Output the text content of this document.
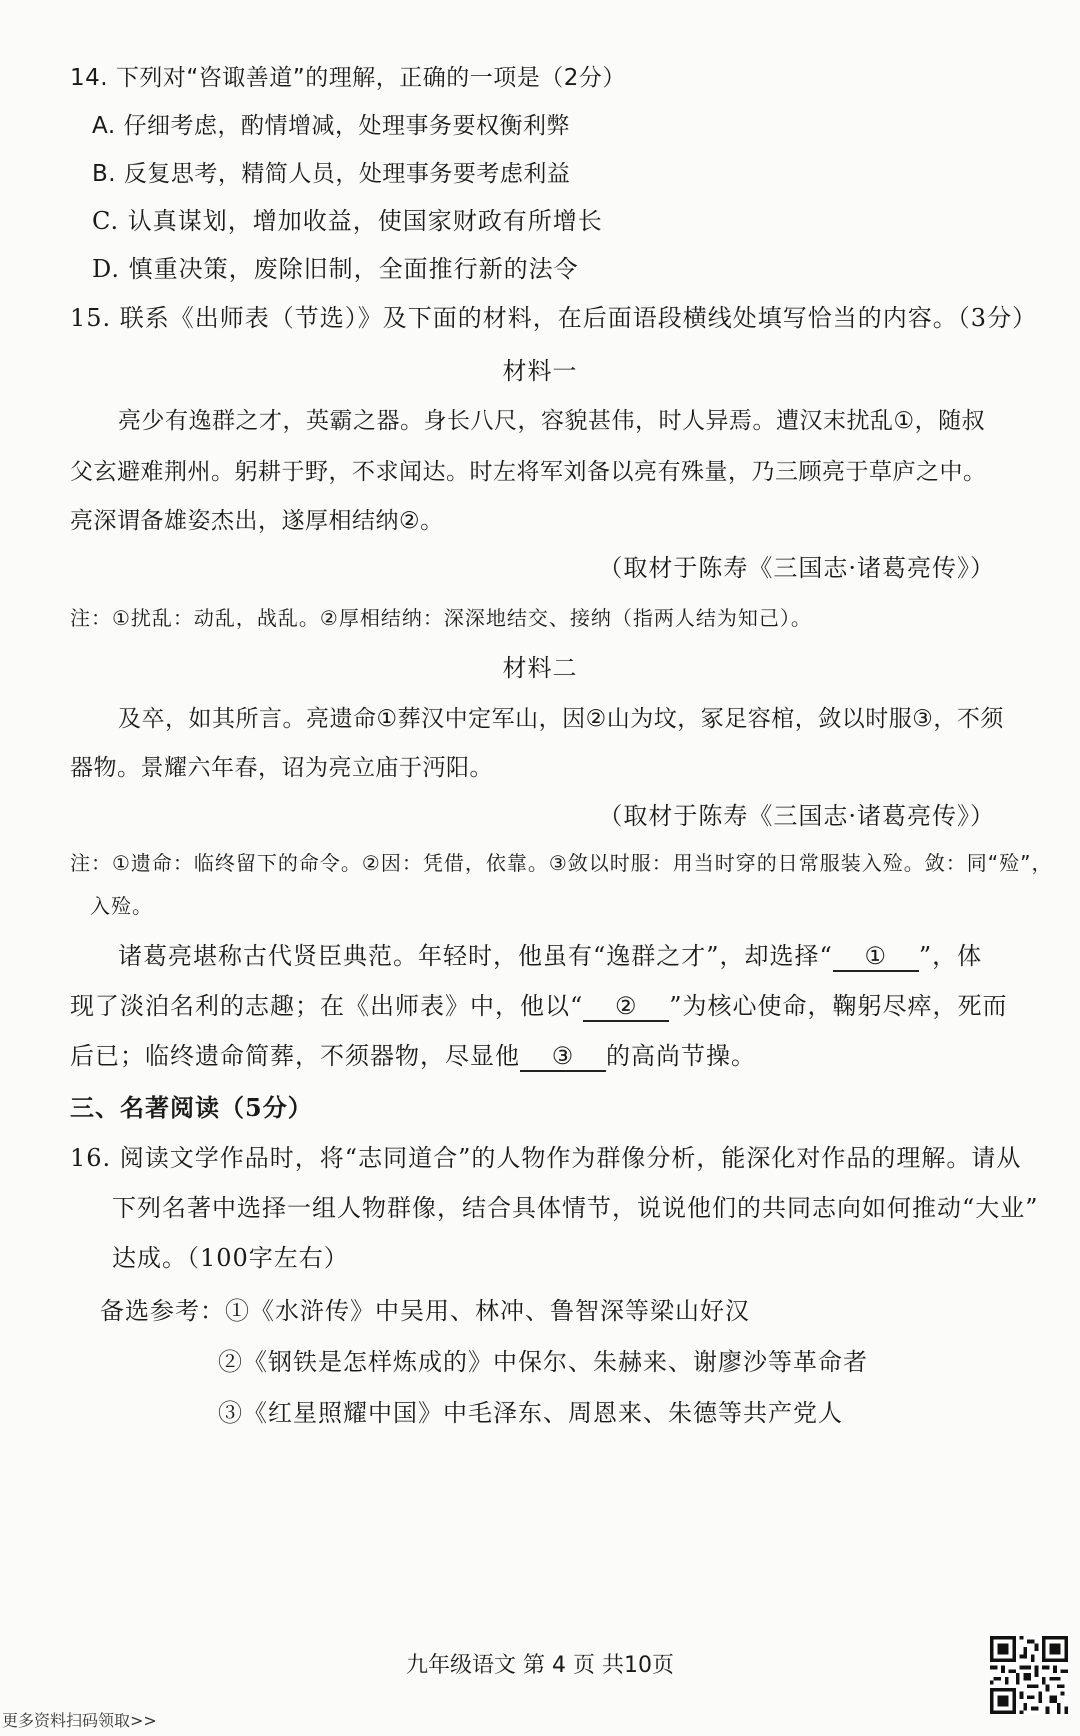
14. 下列对“咨诹善道”的理解，正确的一项是（2分）
A. 仔细考虑，酌情增减，处理事务要权衡利弊
B. 反复思考，精简人员，处理事务要考虑利益
C. 认真谋划，增加收益，使国家财政有所增长
D. 慎重决策，废除旧制，全面推行新的法令
15. 联系《出师表（节选）》及下面的材料，在后面语段横线处填写恰当的内容。（3分）
材料一
亮少有逸群之才，英霸之器。身长八尺，容貌甚伟，时人异焉。遭汉末扰乱①，随叔
父玄避难荆州。躬耕于野，不求闻达。时左将军刘备以亮有殊量，乃三顾亮于草庐之中。
亮深谓备雄姿杰出，遂厚相结纳②。
（取材于陈寿《三国志·诸葛亮传》）
注：①扰乱：动乱，战乱。②厚相结纳：深深地结交、接纳（指两人结为知己）。
材料二
及卒，如其所言。亮遗命①葬汉中定军山，因②山为坟，冢足容棺，敛以时服③，不须
器物。景耀六年春，诏为亮立庙于沔阳。
（取材于陈寿《三国志·诸葛亮传》）
注：①遗命：临终留下的命令。②因：凭借，依靠。③敛以时服：用当时穿的日常服装入殓。敛：同“殓”，
入殓。
诸葛亮堪称古代贤臣典范。年轻时，他虽有“逸群之才”，却选择“ ① ”，体
现了淡泊名利的志趣；在《出师表》中，他以“ ② ”为核心使命，鞠躬尽瘁，死而
后已；临终遗命简葬，不须器物，尽显他 ③ 的高尚节操。
三、名著阅读（5分）
16. 阅读文学作品时，将“志同道合”的人物作为群像分析，能深化对作品的理解。请从
下列名著中选择一组人物群像，结合具体情节，说说他们的共同志向如何推动“大业”
达成。（100字左右）
备选参考：①《水浒传》中吴用、林冲、鲁智深等梁山好汉
②《钢铁是怎样炼成的》中保尔、朱赫来、谢廖沙等革命者
③《红星照耀中国》中毛泽东、周恩来、朱德等共产党人
九年级语文 第 4 页 共10页
更多资料扫码领取>>
